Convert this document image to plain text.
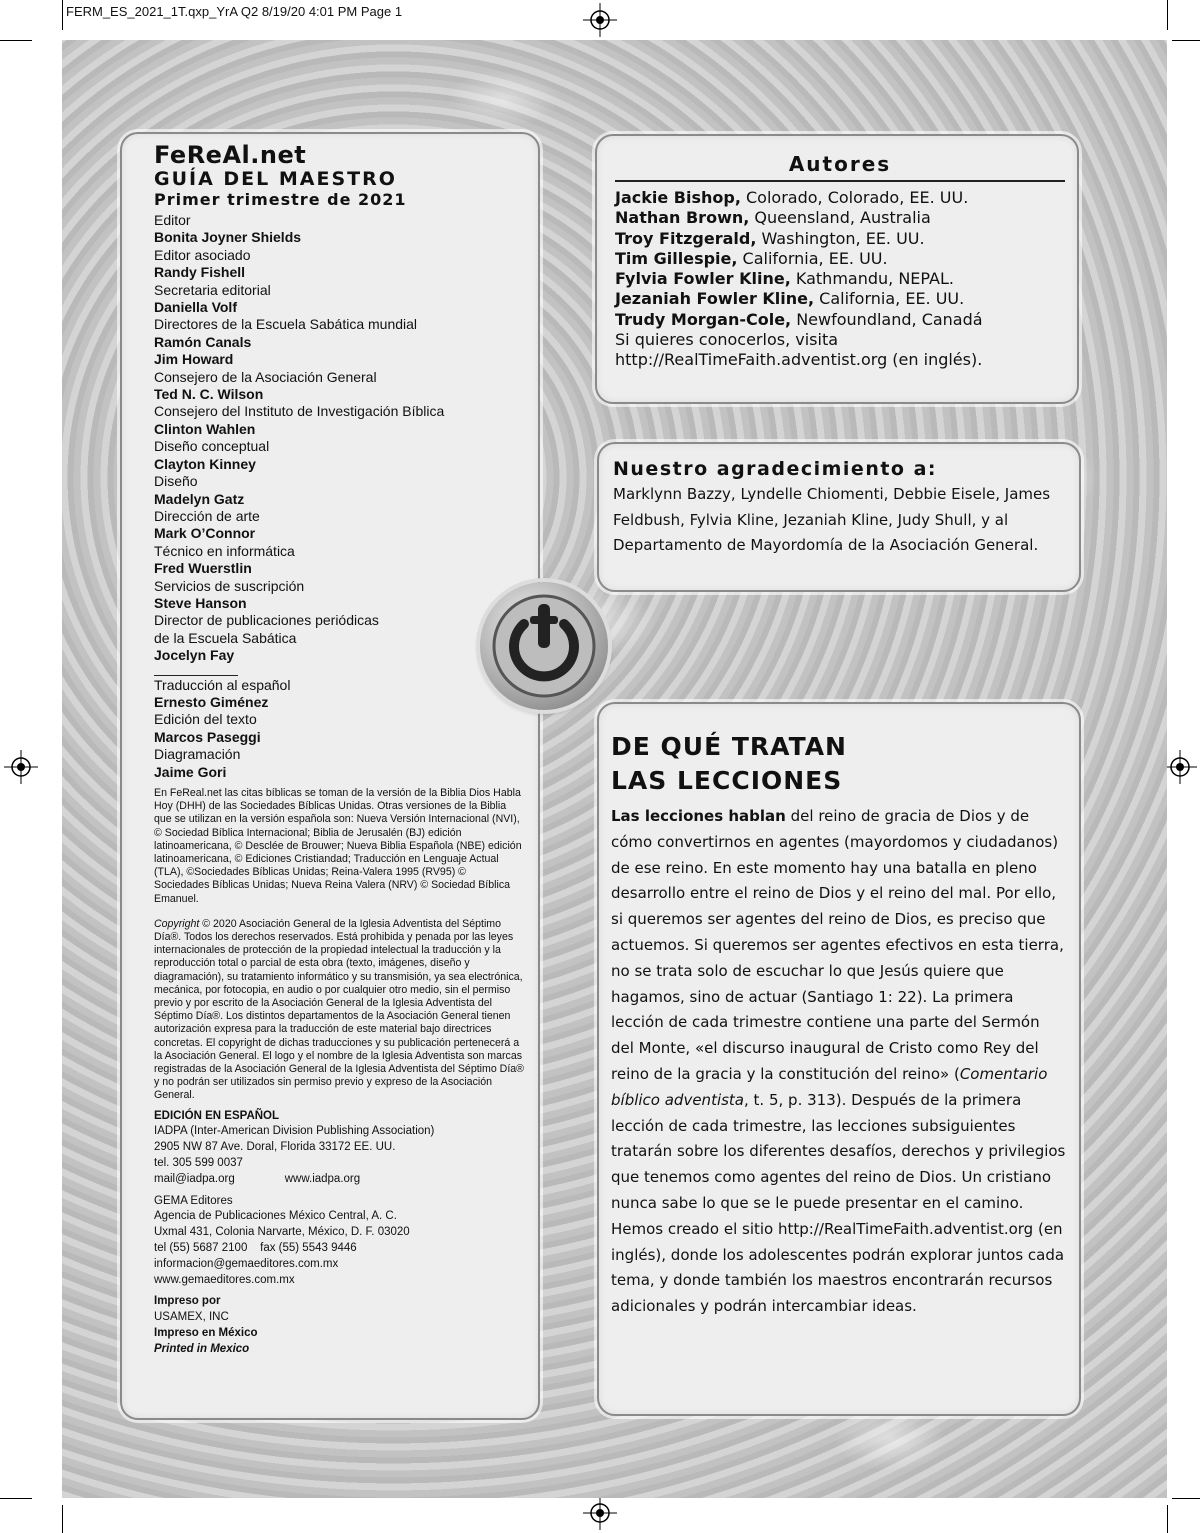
FERM_ES_2021_1T.qxp_YrA Q2 8/19/20 4:01 PM Page 1
FeReAl.net
GUÍA DEL MAESTRO
Primer trimestre de 2021
Editor
Bonita Joyner Shields
Editor asociado
Randy Fishell
Secretaria editorial
Daniella Volf
Directores de la Escuela Sabática mundial
Ramón Canals
Jim Howard
Consejero de la Asociación General
Ted N. C. Wilson
Consejero del Instituto de Investigación Bíblica
Clinton Wahlen
Diseño conceptual
Clayton Kinney
Diseño
Madelyn Gatz
Dirección de arte
Mark O’Connor
Técnico en informática
Fred Wuerstlin
Servicios de suscripción
Steve Hanson
Director de publicaciones periódicas
de la Escuela Sabática
Jocelyn Fay
Traducción al español
Ernesto Giménez
Edición del texto
Marcos Paseggi
Diagramación
Jaime Gori
En FeReal.net las citas bíblicas se toman de la versión de la Biblia Dios Habla Hoy (DHH) de las Sociedades Bíblicas Unidas. Otras versiones de la Biblia que se utilizan en la versión española son: Nueva Versión Internacional (NVI), © Sociedad Bíblica Internacional; Biblia de Jerusalén (BJ) edición latinoamericana, © Desclée de Brouwer; Nueva Biblia Española (NBE) edición latinoamericana, © Ediciones Cristiandad; Traducción en Lenguaje Actual (TLA), ©Sociedades Bíblicas Unidas; Reina-Valera 1995 (RV95) © Sociedades Bíblicas Unidas; Nueva Reina Valera (NRV) © Sociedad Bíblica Emanuel.
Copyright © 2020 Asociación General de la Iglesia Adventista del Séptimo Día®. Todos los derechos reservados. Está prohibida y penada por las leyes internacionales de protección de la propiedad intelectual la traducción y la reproducción total o parcial de esta obra (texto, imágenes, diseño y diagramación), su tratamiento informático y su transmisión, ya sea electrónica, mecánica, por fotocopia, en audio o por cualquier otro medio, sin el permiso previo y por escrito de la Asociación General de la Iglesia Adventista del Séptimo Día®. Los distintos departamentos de la Asociación General tienen autorización expresa para la traducción de este material bajo directrices concretas. El copyright de dichas traducciones y su publicación pertenecerá a la Asociación General. El logo y el nombre de la Iglesia Adventista son marcas registradas de la Asociación General de la Iglesia Adventista del Séptimo Día® y no podrán ser utilizados sin permiso previo y expreso de la Asociación General.
EDICIÓN EN ESPAÑOL
IADPA (Inter-American Division Publishing Association)
2905 NW 87 Ave. Doral, Florida 33172 EE. UU.
tel. 305 599 0037
mail@iadpa.org	www.iadpa.org
GEMA Editores
Agencia de Publicaciones México Central, A. C.
Uxmal 431, Colonia Narvarte, México, D. F. 03020
tel (55) 5687 2100    fax (55) 5543 9446
informacion@gemaeditores.com.mx
www.gemaeditores.com.mx
Impreso por
USAMEX, INC
Impreso en México
Printed in Mexico
Autores
Jackie Bishop, Colorado, Colorado, EE. UU.
Nathan Brown, Queensland, Australia
Troy Fitzgerald, Washington, EE. UU.
Tim Gillespie, California, EE. UU.
Fylvia Fowler Kline, Kathmandu, NEPAL.
Jezaniah Fowler Kline, California, EE. UU.
Trudy Morgan-Cole, Newfoundland, Canadá
Si quieres conocerlos, visita
http://RealTimeFaith.adventist.org (en inglés).
Nuestro agradecimiento a:
Marklynn Bazzy, Lyndelle Chiomenti, Debbie Eisele, James Feldbush, Fylvia Kline, Jezaniah Kline, Judy Shull, y al Departamento de Mayordomía de la Asociación General.
DE QUÉ TRATAN
LAS LECCIONES
Las lecciones hablan del reino de gracia de Dios y de cómo convertirnos en agentes (mayordomos y ciudadanos) de ese reino. En este momento hay una batalla en pleno desarrollo entre el reino de Dios y el reino del mal. Por ello, si queremos ser agentes del reino de Dios, es preciso que actuemos. Si queremos ser agentes efectivos en esta tierra, no se trata solo de escuchar lo que Jesús quiere que hagamos, sino de actuar (Santiago 1: 22). La primera lección de cada trimestre contiene una parte del Sermón del Monte, «el discurso inaugural de Cristo como Rey del reino de la gracia y la constitución del reino» (Comentario bíblico adventista, t. 5, p. 313). Después de la primera lección de cada trimestre, las lecciones subsiguientes tratarán sobre los diferentes desafíos, derechos y privilegios que tenemos como agentes del reino de Dios. Un cristiano nunca sabe lo que se le puede presentar en el camino. Hemos creado el sitio http://RealTimeFaith.adventist.org (en inglés), donde los adolescentes podrán explorar juntos cada tema, y donde también los maestros encontrarán recursos adicionales y podrán intercambiar ideas.
